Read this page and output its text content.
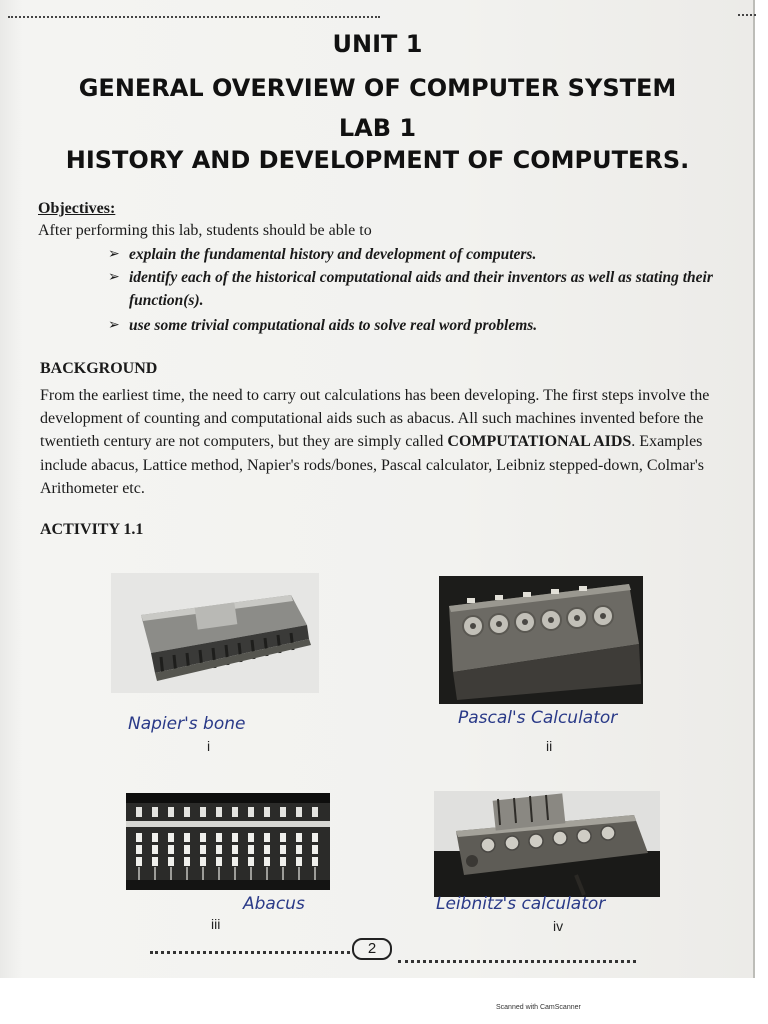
UNIT 1
GENERAL OVERVIEW OF COMPUTER SYSTEM
LAB 1
HISTORY AND DEVELOPMENT OF COMPUTERS.
Objectives:
After performing this lab, students should be able to
➢ explain the fundamental history and development of computers.
➢ identify each of the historical computational aids and their inventors as well as stating their function(s).
➢ use some trivial computational aids to solve real word problems.
BACKGROUND
From the earliest time, the need to carry out calculations has been developing. The first steps involve the development of counting and computational aids such as abacus. All such machines invented before the twentieth century are not computers, but they are simply called COMPUTATIONAL AIDS. Examples include abacus, Lattice method, Napier's rods/bones, Pascal calculator, Leibniz stepped-down, Colmar's Arithometer etc.
ACTIVITY 1.1
Napier's bone
i
Pascal's Calculator
ii
Abacus
iii
Leibnitz's calculator
iv
2
Scanned with CamScanner
